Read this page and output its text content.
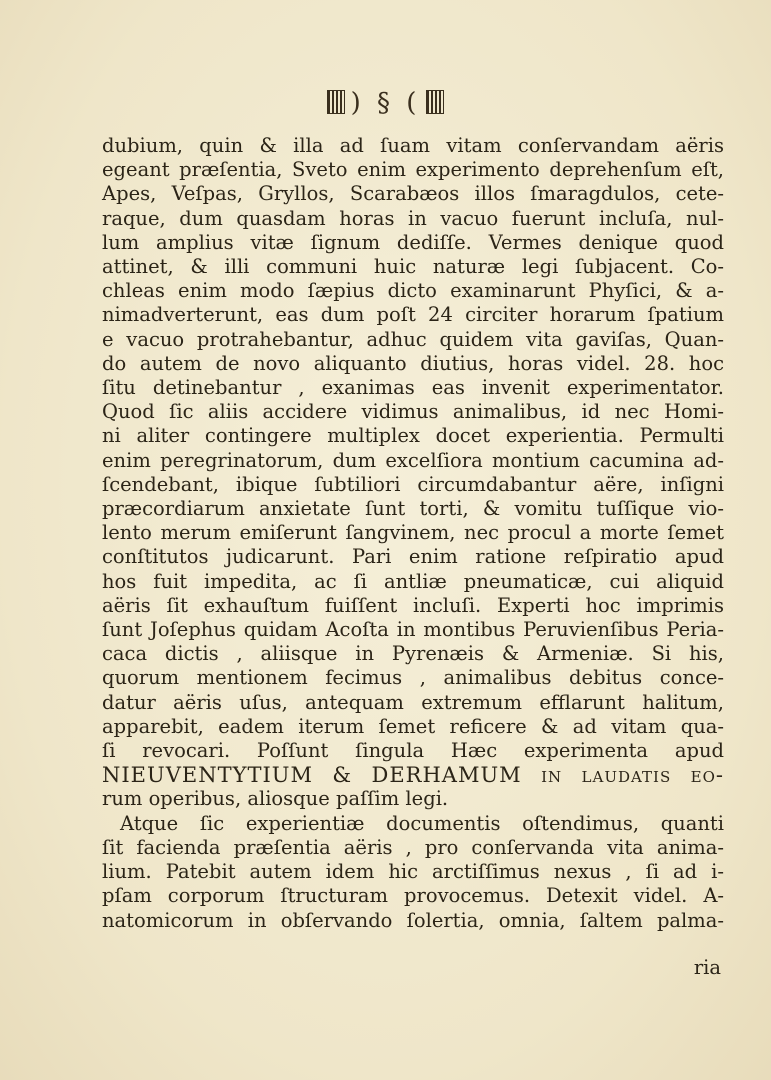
) § (
dubium, quin & illa ad ſuam vitam conſervandam aëris
egeant præſentia, Sveto enim experimento deprehenſum eſt,
Apes, Veſpas, Gryllos, Scarabæos illos ſmaragdulos, cete-
raque, dum quasdam horas in vacuo fuerunt incluſa, nul-
lum amplius vitæ ſignum dediſſe. Vermes denique quod
attinet, & illi communi huic naturæ legi ſubjacent. Co-
chleas enim modo ſæpius dicto examinarunt Phyſici, & a-
nimadverterunt, eas dum poſt 24 circiter horarum ſpatium
e vacuo protrahebantur, adhuc quidem vita gaviſas, Quan-
do autem de novo aliquanto diutius, horas videl. 28. hoc
ſitu detinebantur , exanimas eas invenit experimentator.
Quod ſic aliis accidere vidimus animalibus, id nec Homi-
ni aliter contingere multiplex docet experientia. Permulti
enim peregrinatorum, dum excelſiora montium cacumina ad-
ſcendebant, ibique ſubtiliori circumdabantur aëre, inſigni
præcordiarum anxietate ſunt torti, & vomitu tuſſique vio-
lento merum emiſerunt ſangvinem, nec procul a morte ſemet
conſtitutos judicarunt. Pari enim ratione reſpiratio apud
hos fuit impedita, ac ſi antliæ pneumaticæ, cui aliquid
aëris ſit exhauſtum fuiſſent incluſi. Experti hoc imprimis
ſunt Joſephus quidam Acoſta in montibus Peruvienſibus Peria-
caca dictis , aliisque in Pyrenæis & Armeniæ. Si his,
quorum mentionem fecimus , animalibus debitus conce-
datur aëris uſus, antequam extremum efflarunt halitum,
apparebit, eadem iterum ſemet reficere & ad vitam qua-
ſi revocari. Poſſunt ſingula Hæc experimenta apud
NIEUVENTYTIUM & DERHAMUM in laudatis eo-
rum operibus, aliosque paſſim legi.
Atque ſic experientiæ documentis oſtendimus, quanti
ſit facienda præſentia aëris , pro conſervanda vita anima-
lium. Patebit autem idem hic arctiſſimus nexus , ſi ad i-
pſam corporum ſtructuram provocemus. Detexit videl. A-
natomicorum in obſervando ſolertia, omnia, ſaltem palma-
ria
